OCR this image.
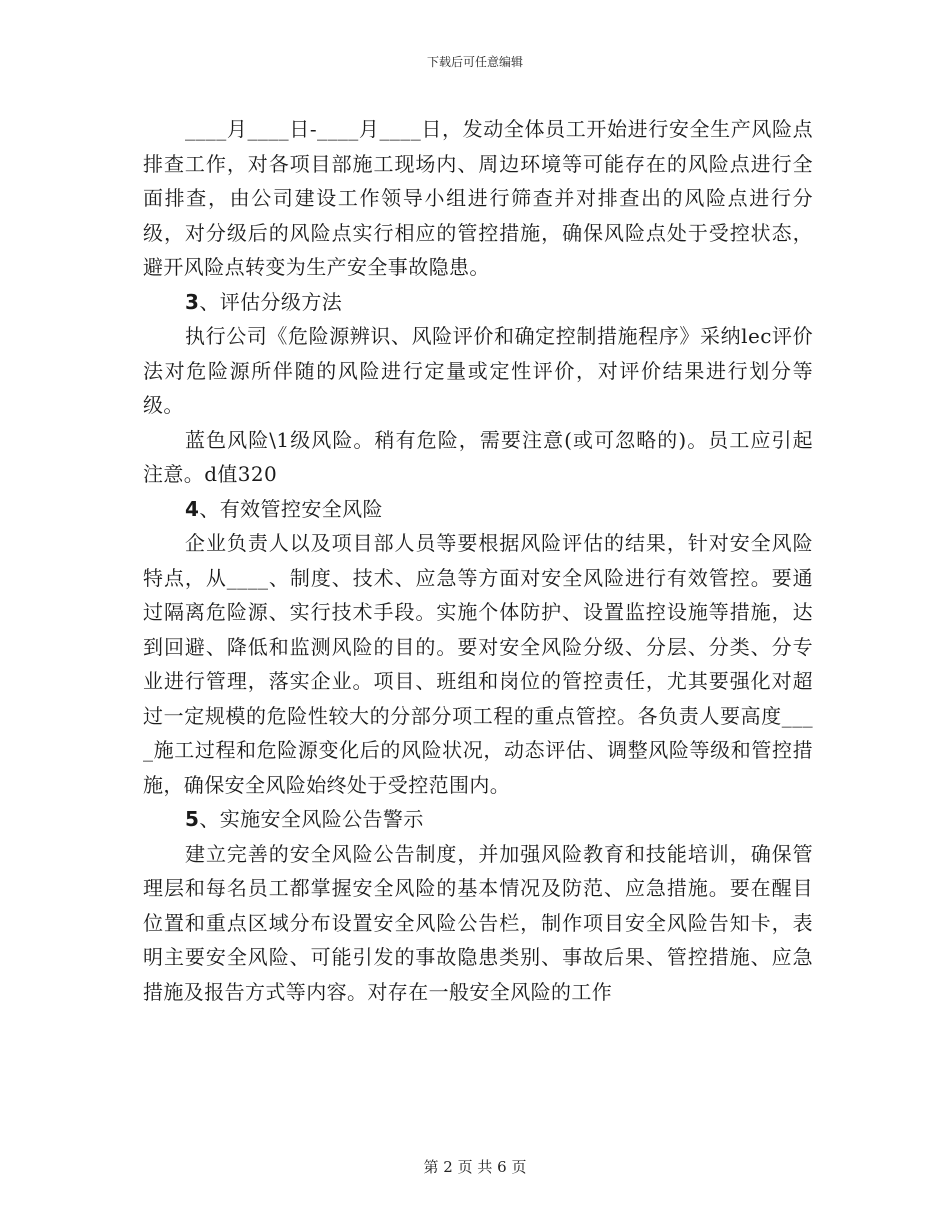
下载后可任意编辑

____月____日-____月____日，发动全体员工开始进行安全生产风险点排查工作，对各项目部施工现场内、周边环境等可能存在的风险点进行全面排查，由公司建设工作领导小组进行筛查并对排查出的风险点进行分级，对分级后的风险点实行相应的管控措施，确保风险点处于受控状态，避开风险点转变为生产安全事故隐患。

3、评估分级方法

执行公司《危险源辨识、风险评价和确定控制措施程序》采纳lec评价法对危险源所伴随的风险进行定量或定性评价，对评价结果进行划分等级。

蓝色风险\1级风险。稍有危险，需要注意(或可忽略的)。员工应引起注意。d值320

4、有效管控安全风险

企业负责人以及项目部人员等要根据风险评估的结果，针对安全风险特点，从____、制度、技术、应急等方面对安全风险进行有效管控。要通过隔离危险源、实行技术手段。实施个体防护、设置监控设施等措施，达到回避、降低和监测风险的目的。要对安全风险分级、分层、分类、分专业进行管理，落实企业。项目、班组和岗位的管控责任，尤其要强化对超过一定规模的危险性较大的分部分项工程的重点管控。各负责人要高度____施工过程和危险源变化后的风险状况，动态评估、调整风险等级和管控措施，确保安全风险始终处于受控范围内。

5、实施安全风险公告警示

建立完善的安全风险公告制度，并加强风险教育和技能培训，确保管理层和每名员工都掌握安全风险的基本情况及防范、应急措施。要在醒目位置和重点区域分布设置安全风险公告栏，制作项目安全风险告知卡，表明主要安全风险、可能引发的事故隐患类别、事故后果、管控措施、应急措施及报告方式等内容。对存在一般安全风险的工作

第 2 页 共 6 页
